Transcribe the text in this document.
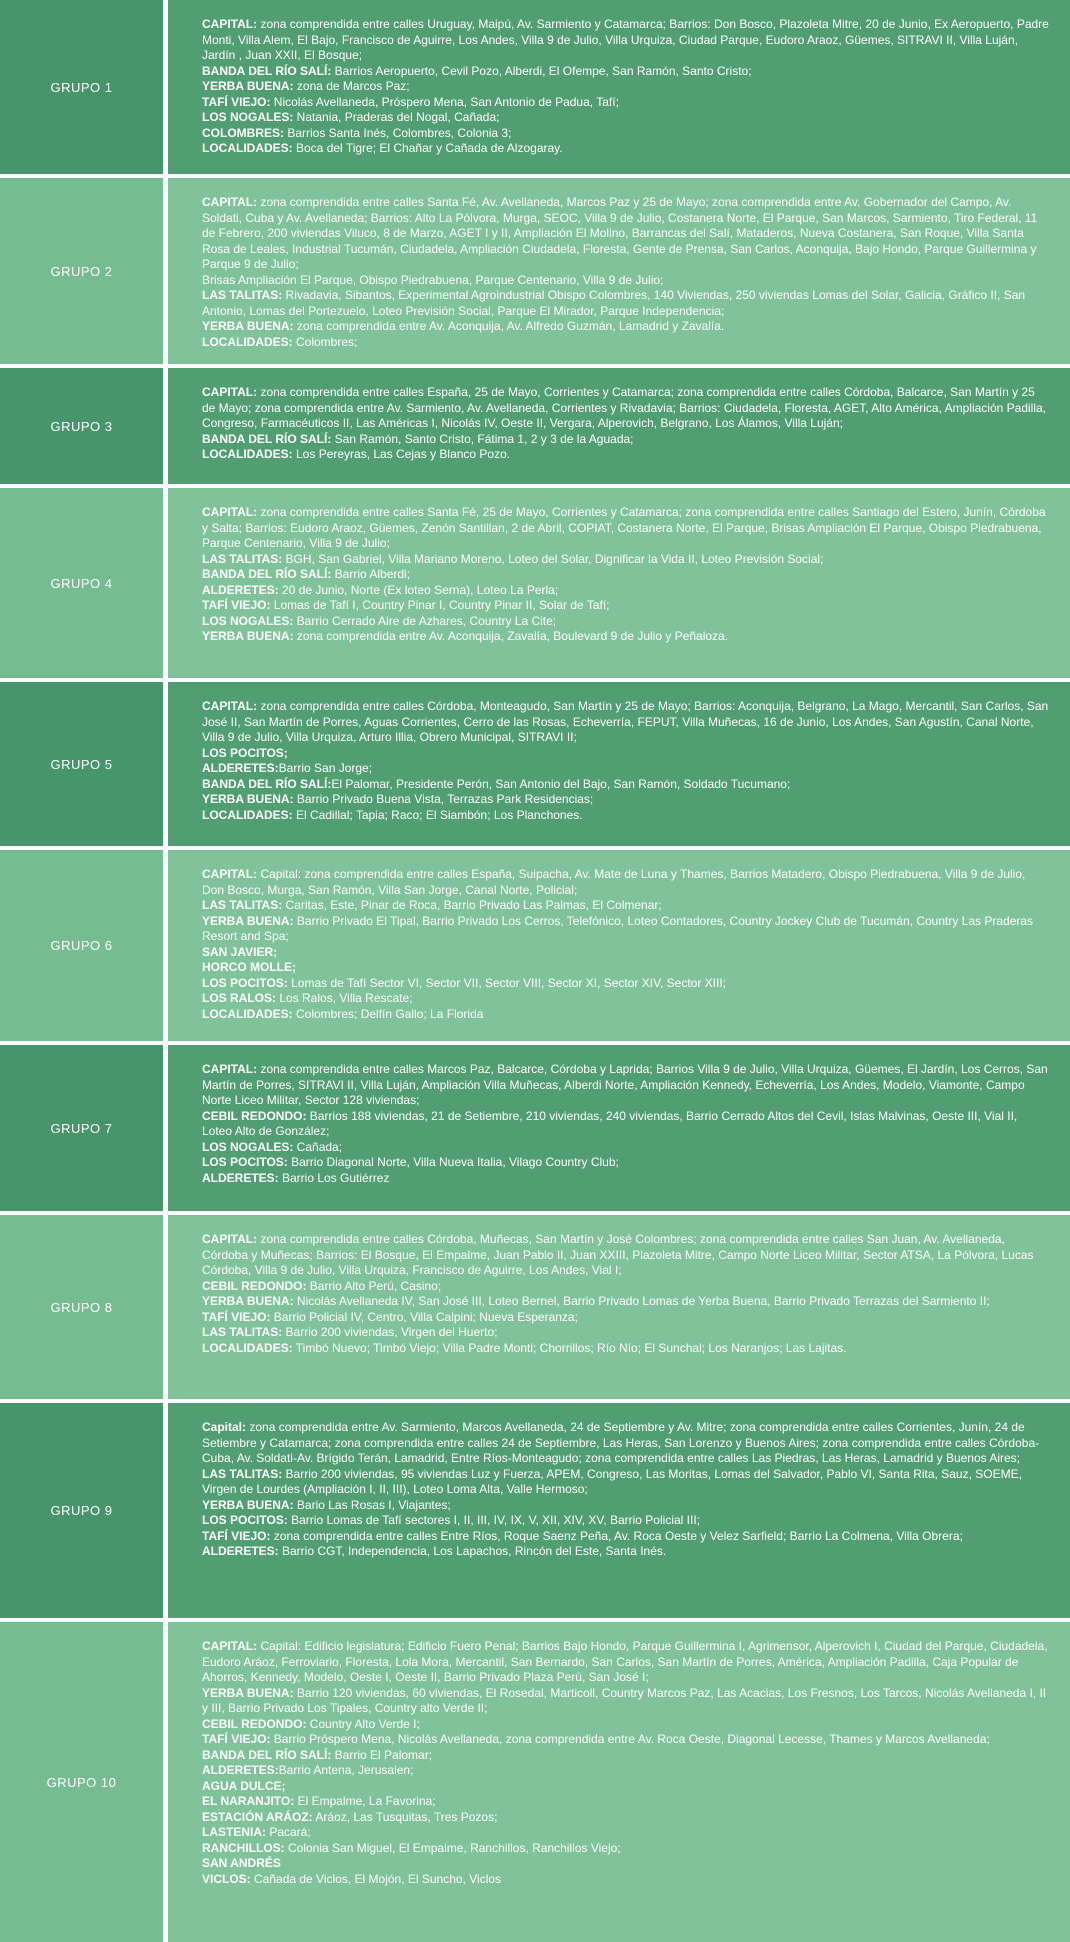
GRUPO 1
CAPITAL: zona comprendida entre calles Uruguay, Maipú, Av. Sarmiento y Catamarca; Barrios: Don Bosco, Plazoleta Mitre, 20 de Junio, Ex Aeropuerto, Padre Monti, Villa Alem, El Bajo, Francisco de Aguirre, Los Andes, Villa 9 de Julio, Villa Urquiza, Ciudad Parque, Eudoro Araoz, Güemes, SITRAVI II, Villa Luján, Jardín , Juan XXII, El Bosque;
BANDA DEL RÍO SALÍ: Barrios Aeropuerto, Cevil Pozo, Alberdi, El Ofempe, San Ramón, Santo Cristo;
YERBA BUENA: zona de Marcos Paz;
TAFÍ VIEJO: Nicolás Avellaneda, Próspero Mena, San Antonio de Padua, Tafí;
LOS NOGALES: Natania, Praderas del Nogal, Cañada;
COLOMBRES: Barrios Santa Inés, Colombres, Colonia 3;
LOCALIDADES: Boca del Tigre; El Chañar y Cañada de Alzogaray.
GRUPO 2
CAPITAL: zona comprendida entre calles Santa Fé, Av. Avellaneda, Marcos Paz y 25 de Mayo; zona comprendida entre Av. Gobernador del Campo, Av. Soldati, Cuba y Av. Avellaneda; Barrios: Alto La Pólvora, Murga, SEOC, Villa 9 de Julio, Costanera Norte, El Parque, San Marcos, Sarmiento, Tiro Federal, 11 de Febrero, 200 viviendas Viluco, 8 de Marzo, AGET I y II, Ampliación El Molino, Barrancas del Salí, Mataderos, Nueva Costanera, San Roque, Villa Santa Rosa de Leales, Industrial Tucumán, Ciudadela, Ampliación Ciudadela, Floresta, Gente de Prensa, San Carlos, Aconquija, Bajo Hondo, Parque Guillermina y Parque 9 de Julio;
Brisas Ampliación El Parque, Obispo Piedrabuena, Parque Centenario, Villa 9 de Julio;
LAS TALITAS: Rivadavia, Sibantos, Experimental Agroindustrial Obispo Colombres, 140 Viviendas, 250 viviendas Lomas del Solar, Galicia, Gráfico II, San Antonio, Lomas del Portezuelo, Loteo Previsión Social, Parque El Mirador, Parque Independencia;
YERBA BUENA: zona comprendida entre Av. Aconquija, Av. Alfredo Guzmán, Lamadrid y Zavalía.
LOCALIDADES: Colombres;
GRUPO 3
CAPITAL: zona comprendida entre calles España, 25 de Mayo, Corrientes y Catamarca; zona comprendida entre calles Córdoba, Balcarce, San Martín y 25 de Mayo; zona comprendida entre Av. Sarmiento, Av. Avellaneda, Corrientes y Rivadavia; Barrios: Ciudadela, Floresta, AGET, Alto América, Ampliación Padilla, Congreso, Farmacéuticos II, Las Américas I, Nicolás IV, Oeste II, Vergara, Alperovich, Belgrano, Los Álamos, Villa Luján;
BANDA DEL RÍO SALÍ: San Ramón, Santo Cristo, Fátima 1, 2 y 3 de la Aguada;
LOCALIDADES: Los Pereyras, Las Cejas y Blanco Pozo.
GRUPO 4
CAPITAL: zona comprendida entre calles Santa Fé, 25 de Mayo, Corrientes y Catamarca; zona comprendida entre calles Santiago del Estero, Junín, Córdoba y Salta; Barrios: Eudoro Araoz, Güemes, Zenón Santillan, 2 de Abril, COPIAT, Costanera Norte, El Parque, Brisas Ampliación El Parque, Obispo Piedrabuena, Parque Centenario, Villa 9 de Julio;
LAS TALITAS: BGH, San Gabriel, Villa Mariano Moreno, Loteo del Solar, Dignificar la Vida II, Loteo Previsión Social;
BANDA DEL RÍO SALÍ: Barrio Alberdi;
ALDERETES: 20 de Junio, Norte (Ex loteo Serna), Loteo La Perla;
TAFÍ VIEJO: Lomas de Tafí I, Country Pinar I, Country Pinar II, Solar de Tafí;
LOS NOGALES: Barrio Cerrado Aire de Azhares, Country La Cite;
YERBA BUENA: zona comprendida entre Av. Aconquija, Zavalía, Boulevard 9 de Julio y Peñaloza.
GRUPO 5
CAPITAL: zona comprendida entre calles Córdoba, Monteagudo, San Martín y 25 de Mayo; Barrios: Aconquija, Belgrano, La Mago, Mercantil, San Carlos, San José II, San Martín de Porres, Aguas Corrientes, Cerro de las Rosas, Echeverría, FEPUT, Villa Muñecas, 16 de Junio, Los Andes, San Agustín, Canal Norte, Villa 9 de Julio, Villa Urquiza, Arturo Illia, Obrero Municipal, SITRAVI II;
LOS POCITOS;
ALDERETES:Barrio San Jorge;
BANDA DEL RÍO SALÍ:El Palomar, Presidente Perón, San Antonio del Bajo, San Ramón, Soldado Tucumano;
YERBA BUENA: Barrio Privado Buena Vista, Terrazas Park Residencias;
LOCALIDADES: El Cadillal; Tapia; Raco; El Siambón; Los Planchones.
GRUPO 6
CAPITAL: Capital: zona comprendida entre calles España, Suipacha, Av. Mate de Luna y Thames, Barrios Matadero, Obispo Piedrabuena, Villa 9 de Julio, Don Bosco, Murga, San Ramón, Villa San Jorge, Canal Norte, Policial;
LAS TALITAS: Caritas, Este, Pinar de Roca, Barrio Privado Las Palmas, El Colmenar;
YERBA BUENA: Barrio Privado El Tipal, Barrio Privado Los Cerros, Telefónico, Loteo Contadores, Country Jockey Club de Tucumán, Country Las Praderas Resort and Spa;
SAN JAVIER;
HORCO MOLLE;
LOS POCITOS: Lomas de Tafí Sector VI, Sector VII, Sector VIII, Sector XI, Sector XIV, Sector XIII;
LOS RALOS: Los Ralos, Villa Rescate;
LOCALIDADES: Colombres; Delfín Gallo; La Florida
GRUPO 7
CAPITAL: zona comprendida entre calles Marcos Paz, Balcarce, Córdoba y Laprida; Barrios Villa 9 de Julio, Villa Urquiza, Güemes, El Jardín, Los Cerros, San Martín de Porres, SITRAVI II, Villa Luján, Ampliación Villa Muñecas, Alberdi Norte, Ampliación Kennedy, Echeverría, Los Andes, Modelo, Viamonte, Campo Norte Liceo Militar, Sector 128 viviendas;
CEBIL REDONDO: Barrios 188 viviendas, 21 de Setiembre, 210 viviendas, 240 viviendas, Barrio Cerrado Altos del Cevil, Islas Malvinas, Oeste III, Vial II, Loteo Alto de González;
LOS NOGALES: Cañada;
LOS POCITOS: Barrio Diagonal Norte, Villa Nueva Italia, Vilago Country Club;
ALDERETES: Barrio Los Gutiérrez
GRUPO 8
CAPITAL: zona comprendida entre calles Córdoba, Muñecas, San Martín y José Colombres; zona comprendida entre calles San Juan, Av. Avellaneda, Córdoba y Muñecas; Barrios: El Bosque, El Empalme, Juan Pablo II, Juan XXIII, Plazoleta Mitre, Campo Norte Liceo Militar, Sector ATSA, La Pólvora, Lucas Córdoba, Villa 9 de Julio, Villa Urquiza, Francisco de Aguirre, Los Andes, Vial I;
CEBIL REDONDO: Barrio Alto Perú, Casino;
YERBA BUENA: Nicolás Avellaneda IV, San José III, Loteo Bernel, Barrio Privado Lomas de Yerba Buena, Barrio Privado Terrazas del Sarmiento II;
TAFÍ VIEJO: Barrio Policial IV, Centro, Villa Calpini; Nueva Esperanza;
LAS TALITAS: Barrio 200 viviendas, Virgen del Huerto;
LOCALIDADES: Timbó Nuevo; Timbó Viejo; Villa Padre Monti; Chorrillos; Río Nío; El Sunchal; Los Naranjos; Las Lajitas.
GRUPO 9
Capital: zona comprendida entre Av. Sarmiento, Marcos Avellaneda, 24 de Septiembre y Av. Mitre; zona comprendida entre calles Corrientes, Junín, 24 de Setiembre y Catamarca; zona comprendida entre calles 24 de Septiembre, Las Heras, San Lorenzo y Buenos Aires; zona comprendida entre calles Córdoba-Cuba, Av. Soldati-Av. Brígido Terán, Lamadrid, Entre Ríos-Monteagudo; zona comprendida entre calles Las Piedras, Las Heras, Lamadrid y Buenos Aires;
LAS TALITAS: Barrio 200 viviendas, 95 viviendas Luz y Fuerza, APEM, Congreso, Las Moritas, Lomas del Salvador, Pablo VI, Santa Rita, Sauz, SOEME, Virgen de Lourdes (Ampliación I, II, III), Loteo Loma Alta, Valle Hermoso;
YERBA BUENA: Bario Las Rosas I, Viajantes;
LOS POCITOS: Barrio Lomas de Tafí sectores I, II, III, IV, IX, V, XII, XIV, XV, Barrio Policial III;
TAFÍ VIEJO: zona comprendida entre calles Entre Ríos, Roque Saenz Peña, Av. Roca Oeste y Velez Sarfield; Barrio La Colmena, Villa Obrera;
ALDERETES: Barrio CGT, Independencia, Los Lapachos, Rincón del Este, Santa Inés.
GRUPO 10
CAPITAL: Capital: Edificio legislatura; Edificio Fuero Penal; Barrios Bajo Hondo, Parque Guillermina I, Agrimensor, Alperovich I, Ciudad del Parque, Ciudadela, Eudoro Aráoz, Ferroviario, Floresta, Lola Mora, Mercantil, San Bernardo, San Carlos, San Martín de Porres, América, Ampliación Padilla, Caja Popular de Ahorros, Kennedy, Modelo, Oeste I, Oeste II, Barrio Privado Plaza Perú, San José I;
YERBA BUENA: Barrio 120 viviendas, 60 viviendas, El Rosedal, Marticoll, Country Marcos Paz, Las Acacias, Los Fresnos, Los Tarcos, Nicolás Avellaneda I, II y III, Barrio Privado Los Tipales, Country alto Verde II;
CEBIL REDONDO: Country Alto Verde I;
TAFÍ VIEJO: Barrio Próspero Mena, Nicolás Avellaneda, zona comprendida entre Av. Roca Oeste, Diagonal Lecesse, Thames y Marcos Avellaneda;
BANDA DEL RÍO SALÍ: Barrio El Palomar;
ALDERETES:Barrio Antena, Jerusalen;
AGUA DULCE;
EL NARANJITO: El Empalme, La Favorina;
ESTACIÓN ARÁOZ: Aráoz, Las Tusquitas, Tres Pozos;
LASTENIA: Pacará;
RANCHILLOS: Colonia San Miguel, El Empalme, Ranchillos, Ranchillos Viejo;
SAN ANDRÉS
VICLOS: Cañada de Viclos, El Mojón, El Suncho, Viclos
